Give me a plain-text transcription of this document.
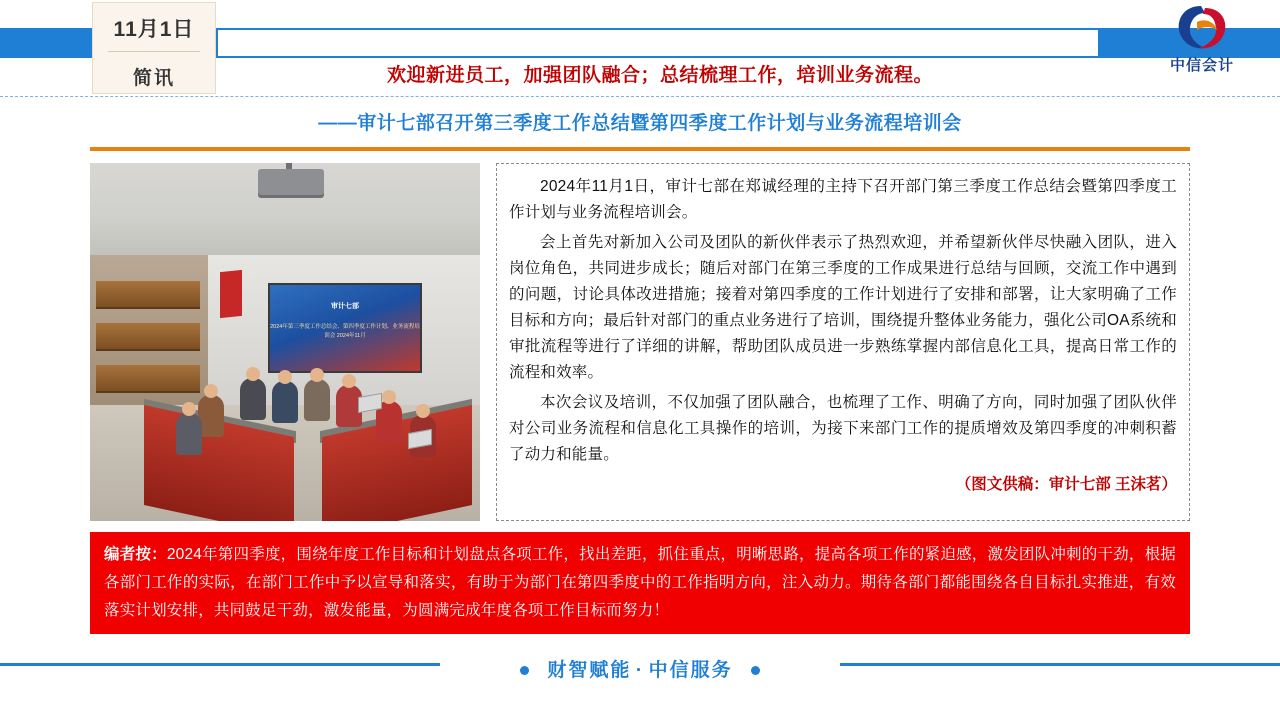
11月1日
简讯	欢迎新进员工，加强团队融合；总结梳理工作，培训业务流程。	中信会计
——审计七部召开第三季度工作总结暨第四季度工作计划与业务流程培训会
审计七部
2024年第三季度工作总结会、第四季度工作计划、业务流程培训会 2024年11月

2024年11月1日，审计七部在郑诚经理的主持下召开部门第三季度工作总结会暨第四季度工作计划与业务流程培训会。

会上首先对新加入公司及团队的新伙伴表示了热烈欢迎，并希望新伙伴尽快融入团队，进入岗位角色，共同进步成长；随后对部门在第三季度的工作成果进行总结与回顾，交流工作中遇到的问题，讨论具体改进措施；接着对第四季度的工作计划进行了安排和部署，让大家明确了工作目标和方向；最后针对部门的重点业务进行了培训，围绕提升整体业务能力，强化公司OA系统和审批流程等进行了详细的讲解，帮助团队成员进一步熟练掌握内部信息化工具，提高日常工作的流程和效率。

本次会议及培训，不仅加强了团队融合，也梳理了工作、明确了方向，同时加强了团队伙伴对公司业务流程和信息化工具操作的培训，为接下来部门工作的提质增效及第四季度的冲刺积蓄了动力和能量。

（图文供稿：审计七部 王沫茗）

编者按：2024年第四季度，围绕年度工作目标和计划盘点各项工作，找出差距，抓住重点，明晰思路，提高各项工作的紧迫感，激发团队冲刺的干劲，根据各部门工作的实际，在部门工作中予以宣导和落实，有助于为部门在第四季度中的工作指明方向，注入动力。期待各部门都能围绕各自目标扎实推进，有效落实计划安排，共同鼓足干劲，激发能量，为圆满完成年度各项工作目标而努力！

财智赋能 · 中信服务
